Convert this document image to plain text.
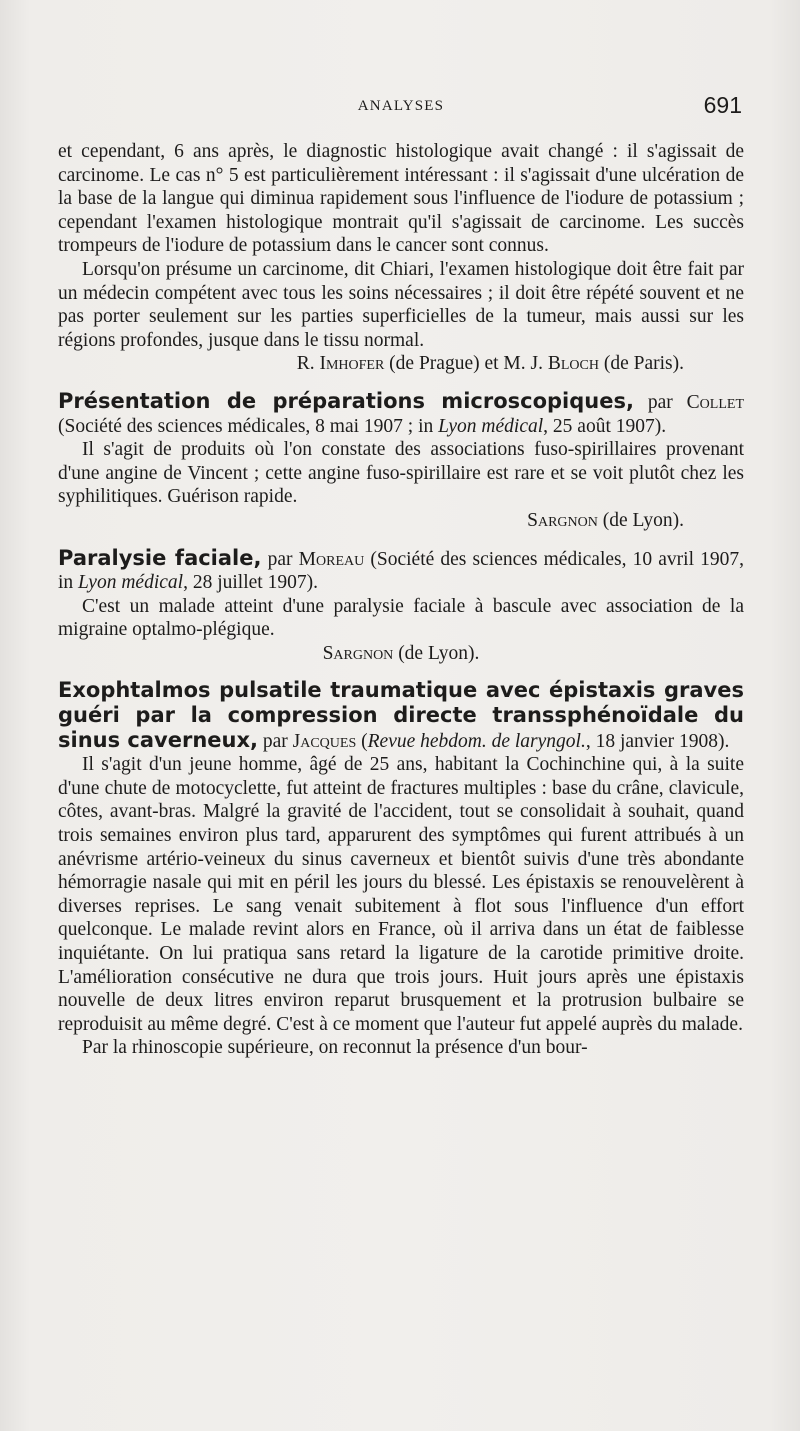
ANALYSES	691

et cependant, 6 ans après, le diagnostic histologique avait changé : il s'agissait de carcinome. Le cas n° 5 est particulièrement intéressant : il s'agissait d'une ulcération de la base de la langue qui diminua rapidement sous l'influence de l'iodure de potassium ; cependant l'examen histologique montrait qu'il s'agissait de carcinome. Les succès trompeurs de l'iodure de potassium dans le cancer sont connus.

Lorsqu'on présume un carcinome, dit Chiari, l'examen histologique doit être fait par un médecin compétent avec tous les soins nécessaires ; il doit être répété souvent et ne pas porter seulement sur les parties superficielles de la tumeur, mais aussi sur les régions profondes, jusque dans le tissu normal.

R. Imhofer (de Prague) et M. J. Bloch (de Paris).

Présentation de préparations microscopiques, par Collet (Société des sciences médicales, 8 mai 1907 ; in Lyon médical, 25 août 1907).

Il s'agit de produits où l'on constate des associations fuso-spirillaires provenant d'une angine de Vincent ; cette angine fuso-spirillaire est rare et se voit plutôt chez les syphilitiques. Guérison rapide.

Sargnon (de Lyon).

Paralysie faciale, par Moreau (Société des sciences médicales, 10 avril 1907, in Lyon médical, 28 juillet 1907).

C'est un malade atteint d'une paralysie faciale à bascule avec association de la migraine optalmo-plégique.

Sargnon (de Lyon).

Exophtalmos pulsatile traumatique avec épistaxis graves guéri par la compression directe transsphénoïdale du sinus caverneux, par Jacques (Revue hebdom. de laryngol., 18 janvier 1908).

Il s'agit d'un jeune homme, âgé de 25 ans, habitant la Cochinchine qui, à la suite d'une chute de motocyclette, fut atteint de fractures multiples : base du crâne, clavicule, côtes, avant-bras. Malgré la gravité de l'accident, tout se consolidait à souhait, quand trois semaines environ plus tard, apparurent des symptômes qui furent attribués à un anévrisme artério-veineux du sinus caverneux et bientôt suivis d'une très abondante hémorragie nasale qui mit en péril les jours du blessé. Les épistaxis se renouvelèrent à diverses reprises. Le sang venait subitement à flot sous l'influence d'un effort quelconque. Le malade revint alors en France, où il arriva dans un état de faiblesse inquiétante. On lui pratiqua sans retard la ligature de la carotide primitive droite. L'amélioration consécutive ne dura que trois jours. Huit jours après une épistaxis nouvelle de deux litres environ reparut brusquement et la protrusion bulbaire se reproduisit au même degré. C'est à ce moment que l'auteur fut appelé auprès du malade.

Par la rhinoscopie supérieure, on reconnut la présence d'un bour-
